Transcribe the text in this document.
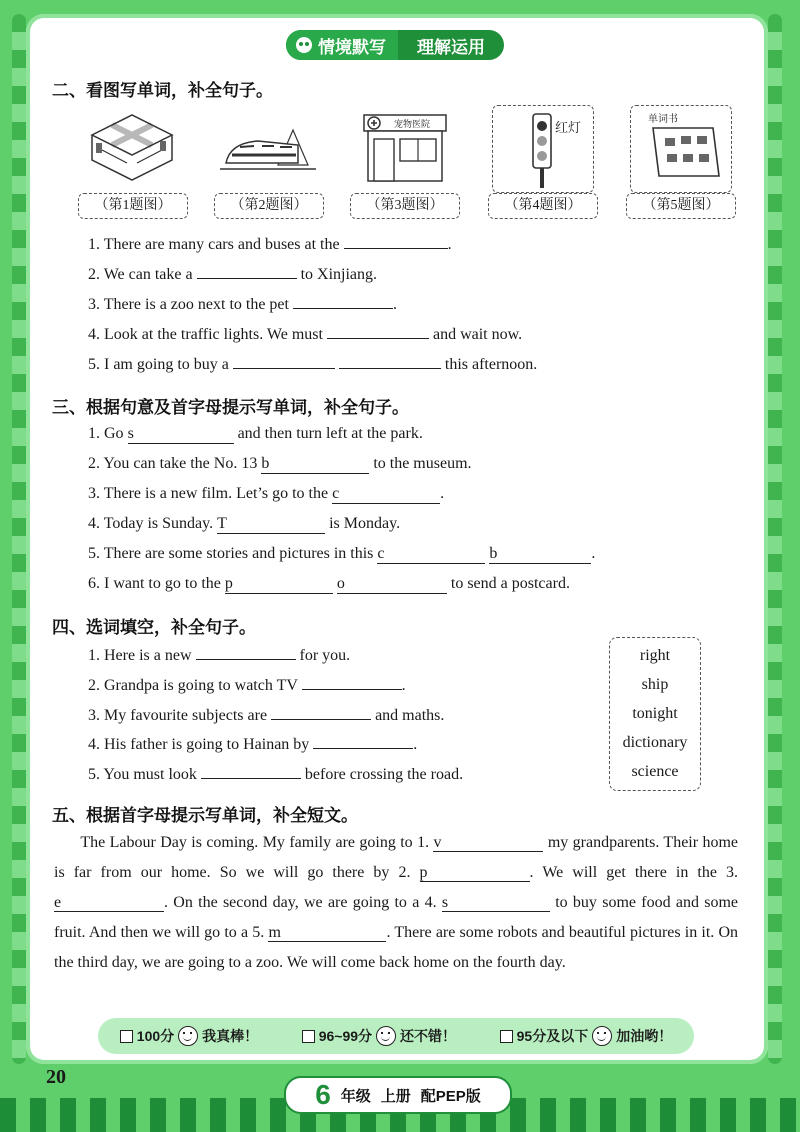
情境默写	理解运用
二、看图写单词，补全句子。
（第1题图）	（第2题图）
宠物医院
（第3题图）
红灯
（第4题图）
单词书
（第5题图）
1. There are many cars and buses at the	.
2. We can take a	to Xinjiang.
3. There is a zoo next to the pet	.
4. Look at the traffic lights. We must	and wait now.
5. I am going to buy a	this afternoon.
三、根据句意及首字母提示写单词，补全句子。
1. Go s	and then turn left at the park.
2. You can take the No. 13 b	to the museum.
3. There is a new film. Let’s go to the c	.
4. Today is Sunday. T	is Monday.
5. There are some stories and pictures in this c	b	.
6. I want to go to the p	o	to send a postcard.
四、选词填空，补全句子。
1. Here is a new	for you.
2. Grandpa is going to watch TV	.
3. My favourite subjects are	and maths.
4. His father is going to Hainan by	.
5. You must look	before crossing the road.
right
ship
tonight
dictionary
science
五、根据首字母提示写单词，补全短文。
The Labour Day is coming. My family are going to 1. v	my grandparents. Their home is far from our home. So we will go there by 2. p	. We will get there in the 3. e	. On the second day, we are going to a 4. s	to buy some food and some fruit. And then we will go to a 5. m	. There are some robots and beautiful pictures in it. On the third day, we are going to a zoo. We will come back home on the fourth day.
100分 我真棒！	96~99分 还不错！	95分及以下 加油哟！
20
6 年级 上册 配PEP版
